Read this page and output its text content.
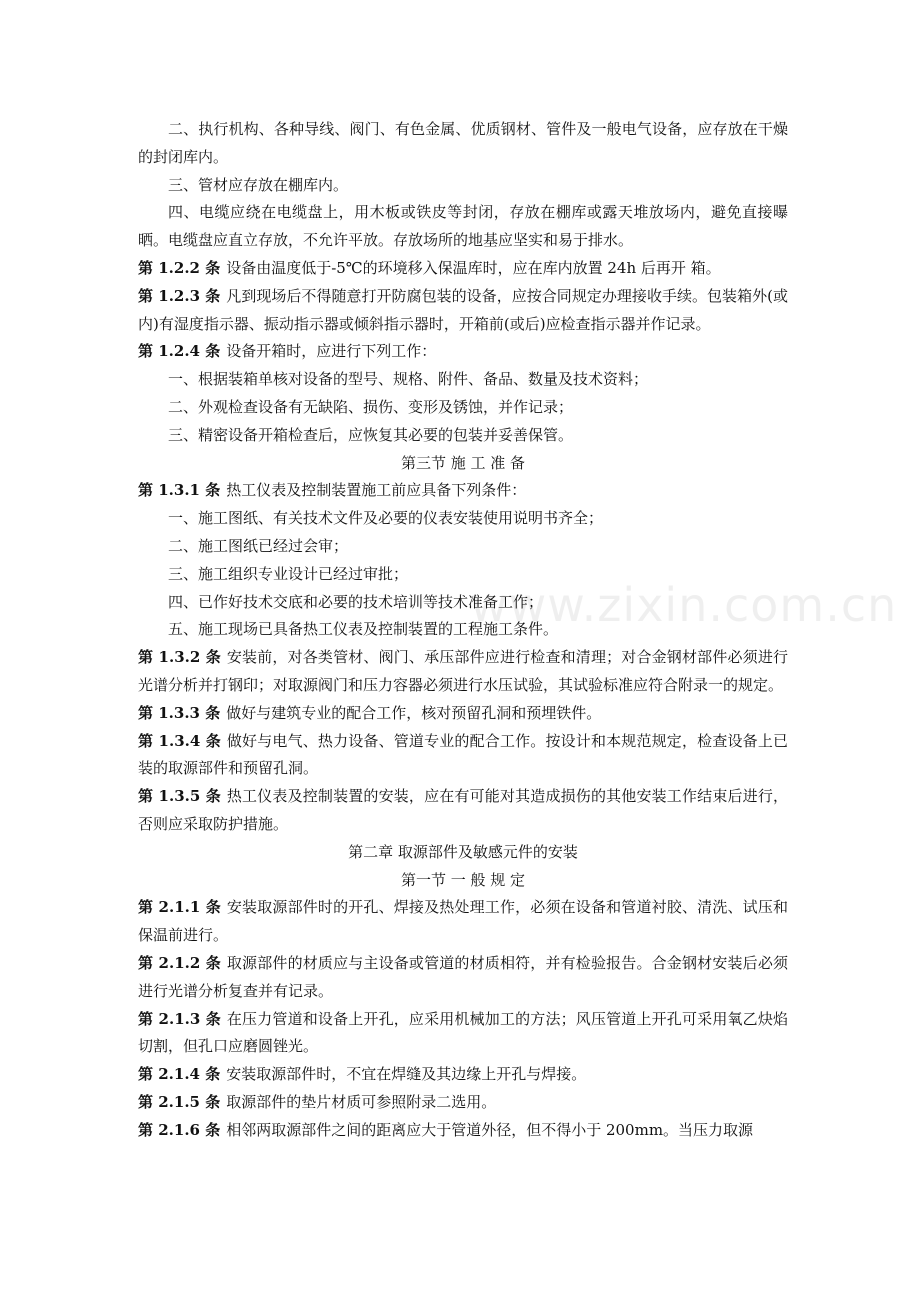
www.zixin.com.cn

二、执行机构、各种导线、阀门、有色金属、优质钢材、管件及一般电气设备，应存放在干燥的封闭库内。

三、管材应存放在棚库内。

四、电缆应绕在电缆盘上，用木板或铁皮等封闭，存放在棚库或露天堆放场内，避免直接曝晒。电缆盘应直立存放，不允许平放。存放场所的地基应坚实和易于排水。

第 1.2.2 条 设备由温度低于-5℃的环境移入保温库时，应在库内放置 24h 后再开 箱。

第 1.2.3 条 凡到现场后不得随意打开防腐包装的设备，应按合同规定办理接收手续。包装箱外(或内)有湿度指示器、振动指示器或倾斜指示器时，开箱前(或后)应检查指示器并作记录。

第 1.2.4 条 设备开箱时，应进行下列工作：

一、根据装箱单核对设备的型号、规格、附件、备品、数量及技术资料；

二、外观检查设备有无缺陷、损伤、变形及锈蚀，并作记录；

三、精密设备开箱检查后，应恢复其必要的包装并妥善保管。

第三节 施 工 准 备

第 1.3.1 条 热工仪表及控制装置施工前应具备下列条件：

一、施工图纸、有关技术文件及必要的仪表安装使用说明书齐全；

二、施工图纸已经过会审；

三、施工组织专业设计已经过审批；

四、已作好技术交底和必要的技术培训等技术准备工作；

五、施工现场已具备热工仪表及控制装置的工程施工条件。

第 1.3.2 条 安装前，对各类管材、阀门、承压部件应进行检查和清理；对合金钢材部件必须进行光谱分析并打钢印；对取源阀门和压力容器必须进行水压试验，其试验标准应符合附录一的规定。

第 1.3.3 条 做好与建筑专业的配合工作，核对预留孔洞和预埋铁件。

第 1.3.4 条 做好与电气、热力设备、管道专业的配合工作。按设计和本规范规定，检查设备上已装的取源部件和预留孔洞。

第 1.3.5 条 热工仪表及控制装置的安装，应在有可能对其造成损伤的其他安装工作结束后进行，否则应采取防护措施。

第二章 取源部件及敏感元件的安装

第一节 一 般 规 定

第 2.1.1 条 安装取源部件时的开孔、焊接及热处理工作，必须在设备和管道衬胶、清洗、试压和保温前进行。

第 2.1.2 条 取源部件的材质应与主设备或管道的材质相符，并有检验报告。合金钢材安装后必须进行光谱分析复查并有记录。

第 2.1.3 条 在压力管道和设备上开孔，应采用机械加工的方法；风压管道上开孔可采用氧乙炔焰切割，但孔口应磨圆锉光。

第 2.1.4 条 安装取源部件时，不宜在焊缝及其边缘上开孔与焊接。

第 2.1.5 条 取源部件的垫片材质可参照附录二选用。

第 2.1.6 条 相邻两取源部件之间的距离应大于管道外径，但不得小于 200mm。当压力取源
